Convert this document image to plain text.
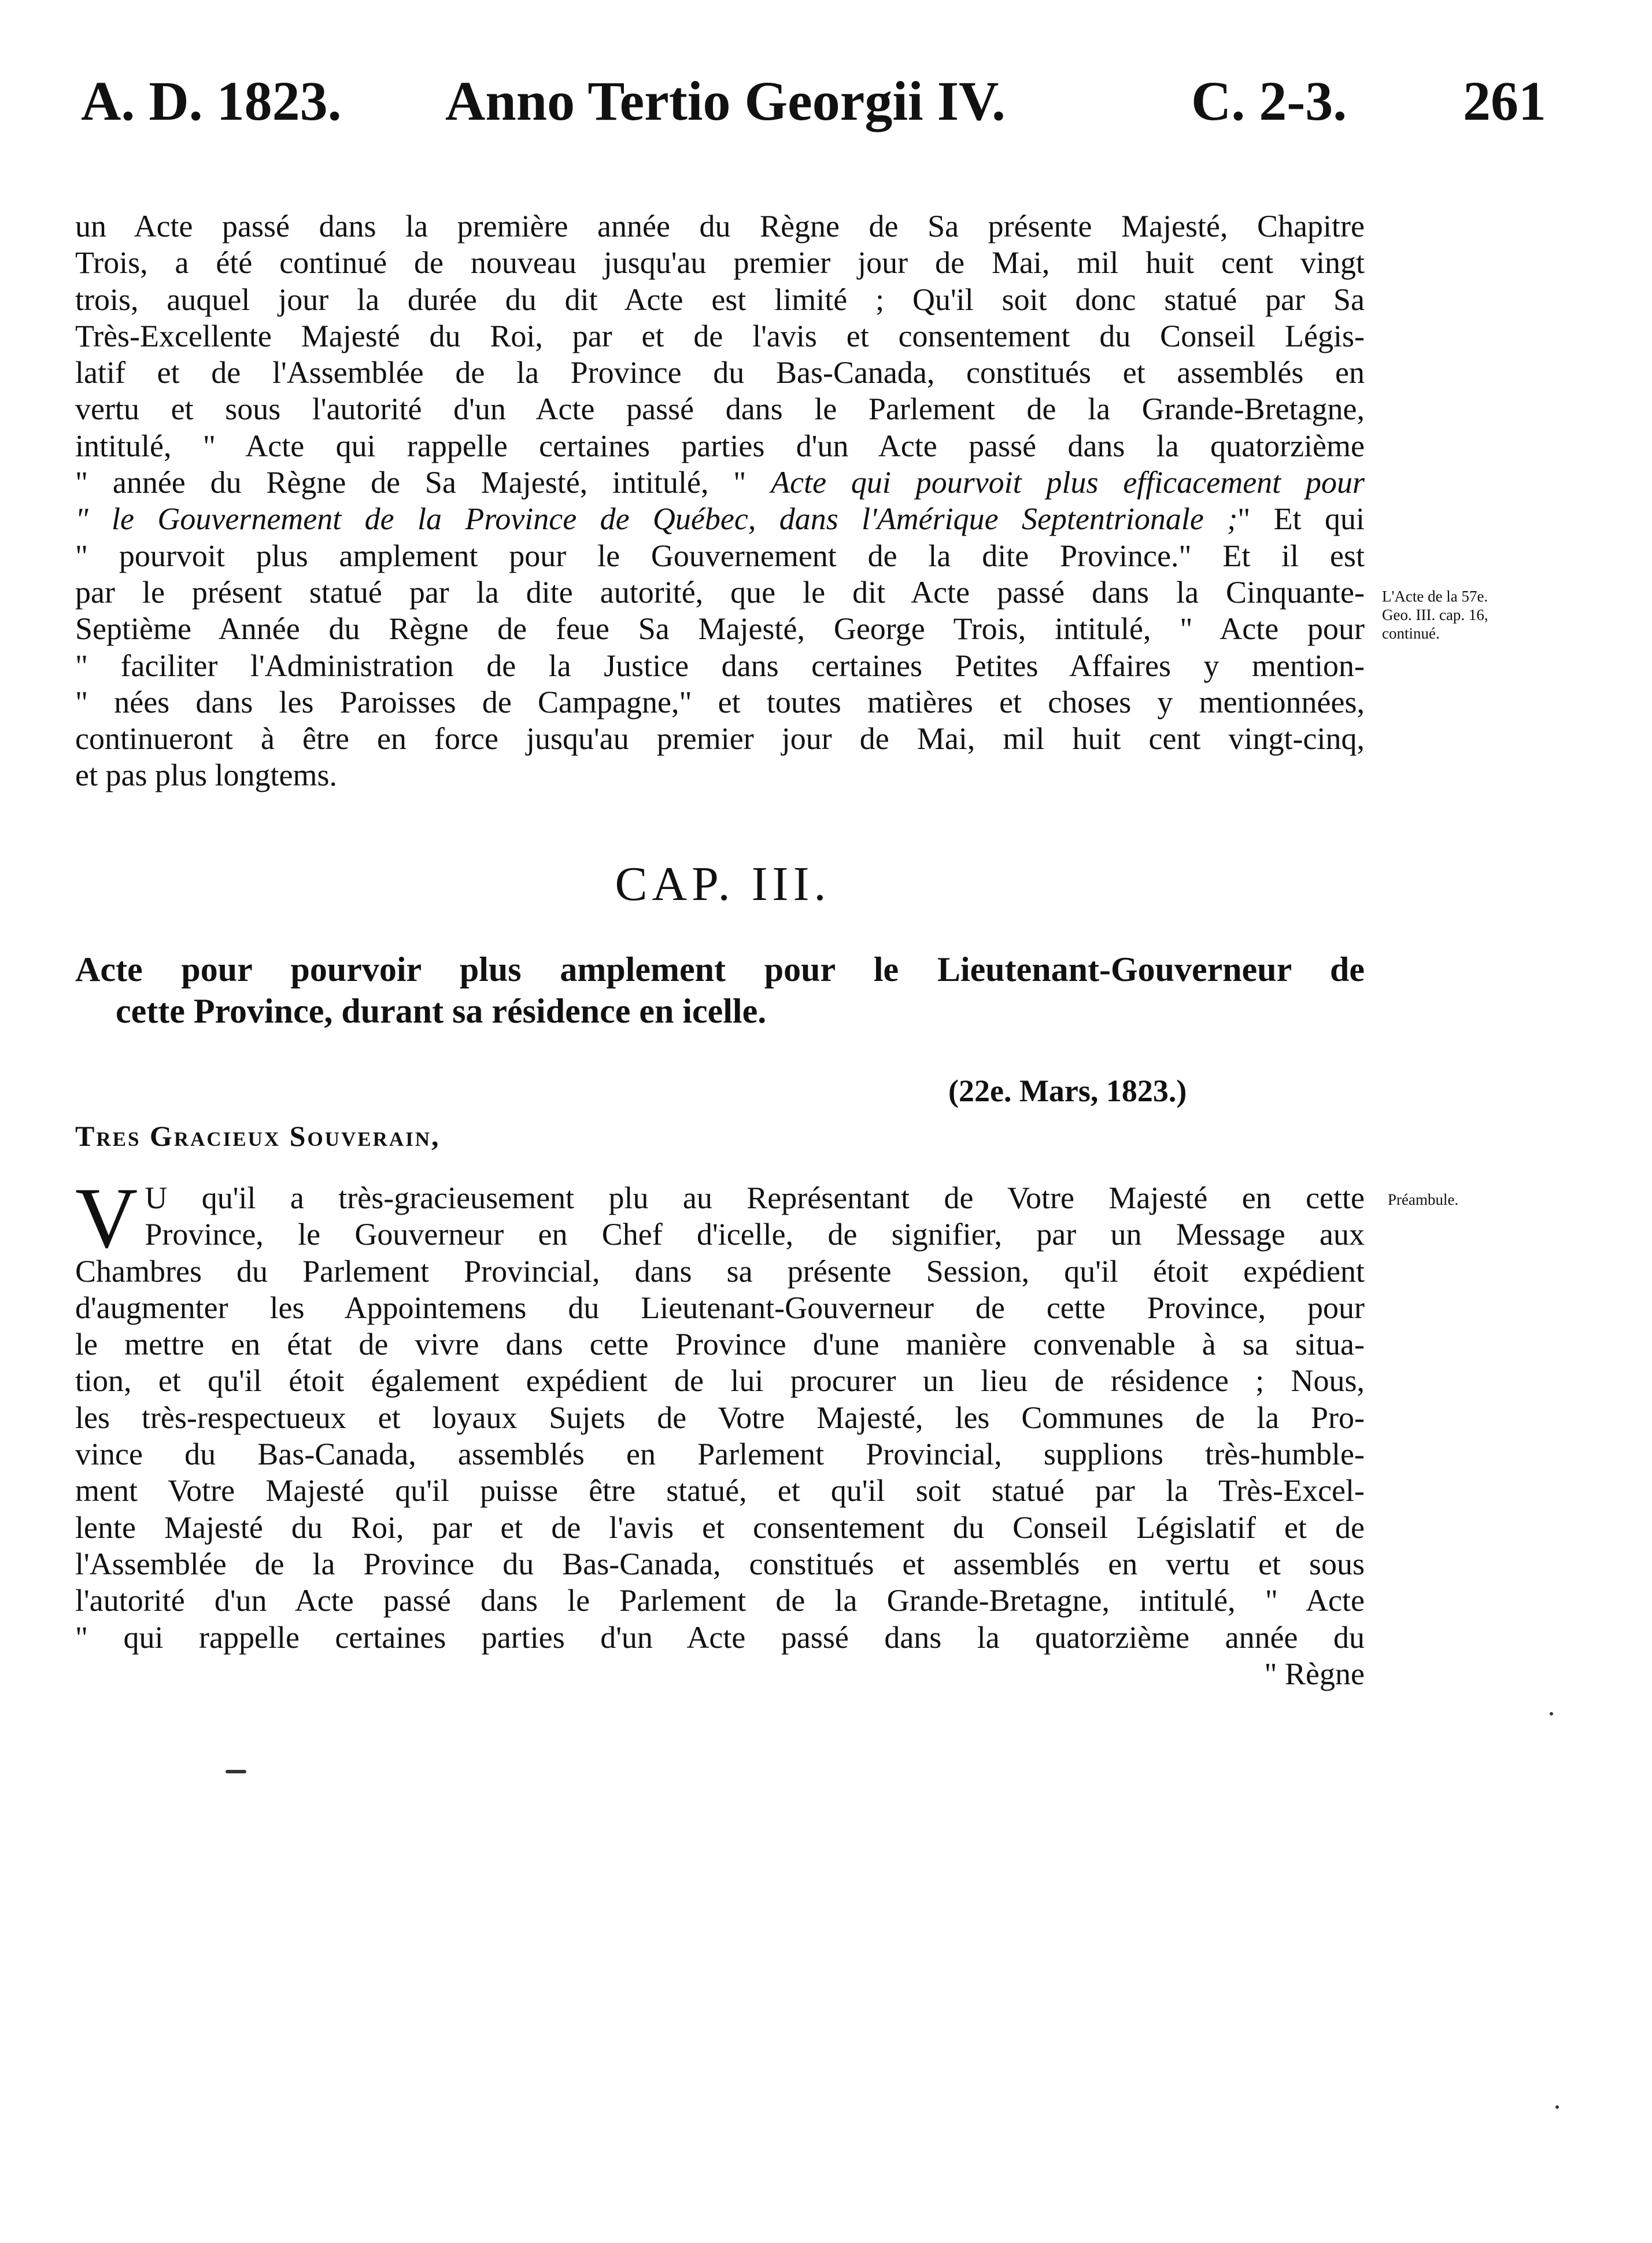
A. D. 1823. Anno Tertio Georgii IV.	C. 2-3. 261
un Acte passé dans la première année du Règne de Sa présente Majesté, Chapitre
Trois, a été continué de nouveau jusqu'au premier jour de Mai, mil huit cent vingt
trois, auquel jour la durée du dit Acte est limité ; Qu'il soit donc statué par Sa
Très-Excellente Majesté du Roi, par et de l'avis et consentement du Conseil Légis-
latif et de l'Assemblée de la Province du Bas-Canada, constitués et assemblés en
vertu et sous l'autorité d'un Acte passé dans le Parlement de la Grande-Bretagne,
intitulé, " Acte qui rappelle certaines parties d'un Acte passé dans la quatorzième
" année du Règne de Sa Majesté, intitulé, " Acte qui pourvoit plus efficacement pour
" le Gouvernement de la Province de Québec, dans l'Amérique Septentrionale ;" Et qui
" pourvoit plus amplement pour le Gouvernement de la dite Province." Et il est
par le présent statué par la dite autorité, que le dit Acte passé dans la Cinquante-
Septième Année du Règne de feue Sa Majesté, George Trois, intitulé, " Acte pour
" faciliter l'Administration de la Justice dans certaines Petites Affaires y mention-
" nées dans les Paroisses de Campagne," et toutes matières et choses y mentionnées,
continueront à être en force jusqu'au premier jour de Mai, mil huit cent vingt-cinq,
et pas plus longtems.
L'Acte de la 57e.
Geo. III. cap. 16,
continué.
CAP. III.
Acte pour pourvoir plus amplement pour le Lieutenant-Gouverneur de
cette Province, durant sa résidence en icelle.
(22e. Mars, 1823.)
Tres Gracieux Souverain,
V U qu'il a très-gracieusement plu au Représentant de Votre Majesté en cette
Province, le Gouverneur en Chef d'icelle, de signifier, par un Message aux
Chambres du Parlement Provincial, dans sa présente Session, qu'il étoit expédient
d'augmenter les Appointemens du Lieutenant-Gouverneur de cette Province, pour
le mettre en état de vivre dans cette Province d'une manière convenable à sa situa-
tion, et qu'il étoit également expédient de lui procurer un lieu de résidence ; Nous,
les très-respectueux et loyaux Sujets de Votre Majesté, les Communes de la Pro-
vince du Bas-Canada, assemblés en Parlement Provincial, supplions très-humble-
ment Votre Majesté qu'il puisse être statué, et qu'il soit statué par la Très-Excel-
lente Majesté du Roi, par et de l'avis et consentement du Conseil Législatif et de
l'Assemblée de la Province du Bas-Canada, constitués et assemblés en vertu et sous
l'autorité d'un Acte passé dans le Parlement de la Grande-Bretagne, intitulé, " Acte
" qui rappelle certaines parties d'un Acte passé dans la quatorzième année du
" Règne
Préambule.
